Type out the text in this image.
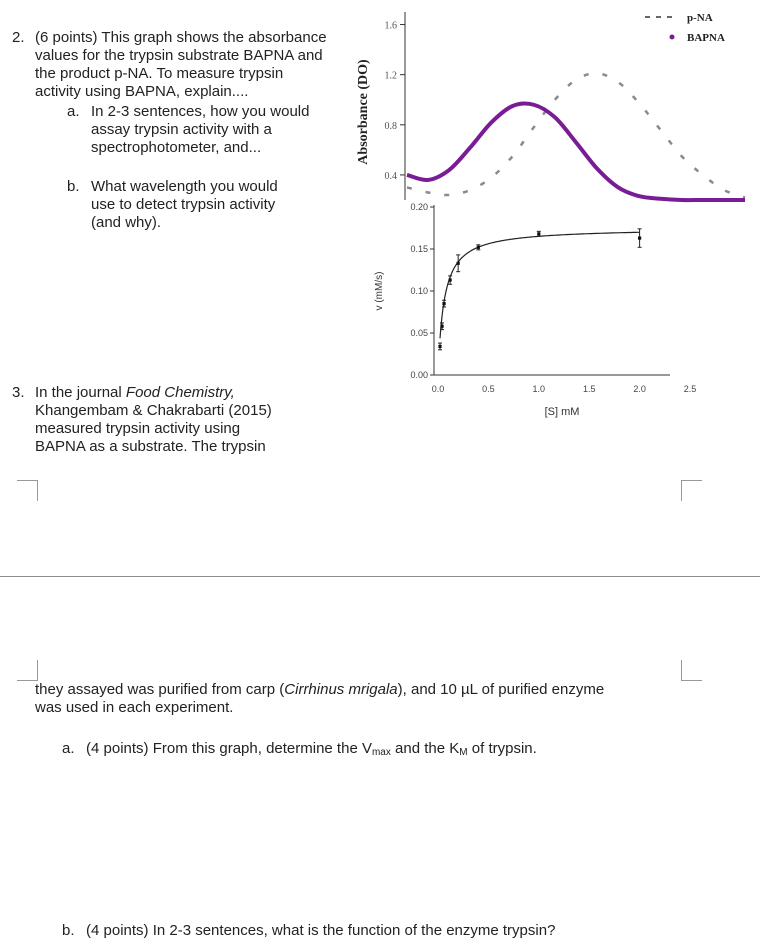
2. (6 points) This graph shows the absorbance
values for the trypsin substrate BAPNA and
the product p-NA. To measure trypsin
activity using BAPNA, explain....
a. In 2-3 sentences, how you would
assay trypsin activity with a
spectrophotometer, and...
b. What wavelength you would
use to detect trypsin activity
(and why).
3. In the journal Food Chemistry,
Khangembam & Chakrabarti (2015)
measured trypsin activity using
BAPNA as a substrate. The trypsin
they assayed was purified from carp (Cirrhinus mrigala), and 10 µL of purified enzyme
was used in each experiment.
a. (4 points) From this graph, determine the $V_{max}$ and the $K_M$ of trypsin.
b. (4 points) In 2-3 sentences, what is the function of the enzyme trypsin?
0.4
0.8
1.2
1.6
Absorbance (DO)
p-NA
BAPNA
0.00
0.05
0.10
0.15
0.20
0.0	0.5	1.0	1.5	2.0	2.5
v (mM/s)
[S] mM
